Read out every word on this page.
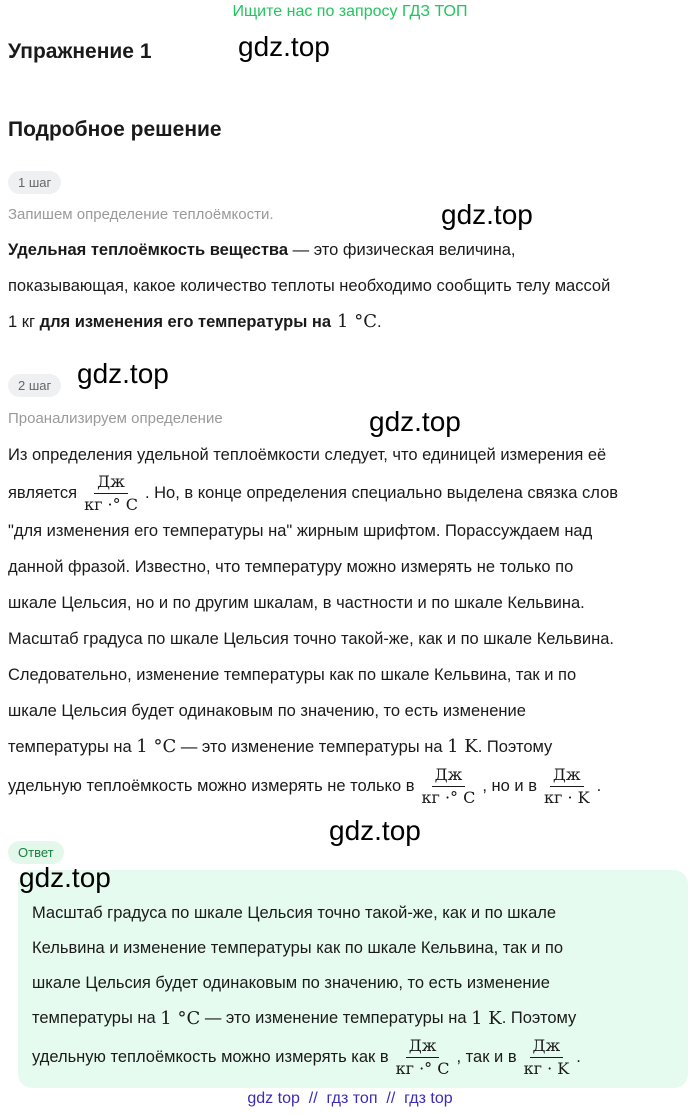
Ищите нас по запросу ГДЗ ТОП
Упражнение 1
Подробное решение
gdz.top
gdz.top
gdz.top
gdz.top
gdz.top
gdz.top
1 шаг
Запишем определение теплоёмкости.
Удельная теплоёмкость вещества — это физическая величина,
показывающая, какое количество теплоты необходимо сообщить телу массой
1 кг для изменения его температуры на 1 °C .
2 шаг
Проанализируем определение
Из определения удельной теплоёмкости следует, что единицей измерения её
является $\frac{Дж}{кг \cdot^\circ C}$ . Но, в конце определения специально выделена связка слов
"для изменения его температуры на" жирным шрифтом. Порассуждаем над
данной фразой. Известно, что температуру можно измерять не только по
шкале Цельсия, но и по другим шкалам, в частности и по шкале Кельвина.
Масштаб градуса по шкале Цельсия точно такой-же, как и по шкале Кельвина.
Следовательно, изменение температуры как по шкале Кельвина, так и по
шкале Цельсия будет одинаковым по значению, то есть изменение
температуры на 1 °C — это изменение температуры на 1 K . Поэтому
удельную теплоёмкость можно измерять не только в $\frac{Дж}{кг \cdot^\circ C}$ , но и в $\frac{Дж}{кг \cdot K}$ .
Ответ
Масштаб градуса по шкале Цельсия точно такой-же, как и по шкале
Кельвина и изменение температуры как по шкале Кельвина, так и по
шкале Цельсия будет одинаковым по значению, то есть изменение
температуры на 1 °C — это изменение температуры на 1 K . Поэтому
удельную теплоёмкость можно измерять как в $\frac{Дж}{кг \cdot^\circ C}$ , так и в $\frac{Дж}{кг \cdot K}$ .
gdz top  //  гдз топ  //  гдз top
